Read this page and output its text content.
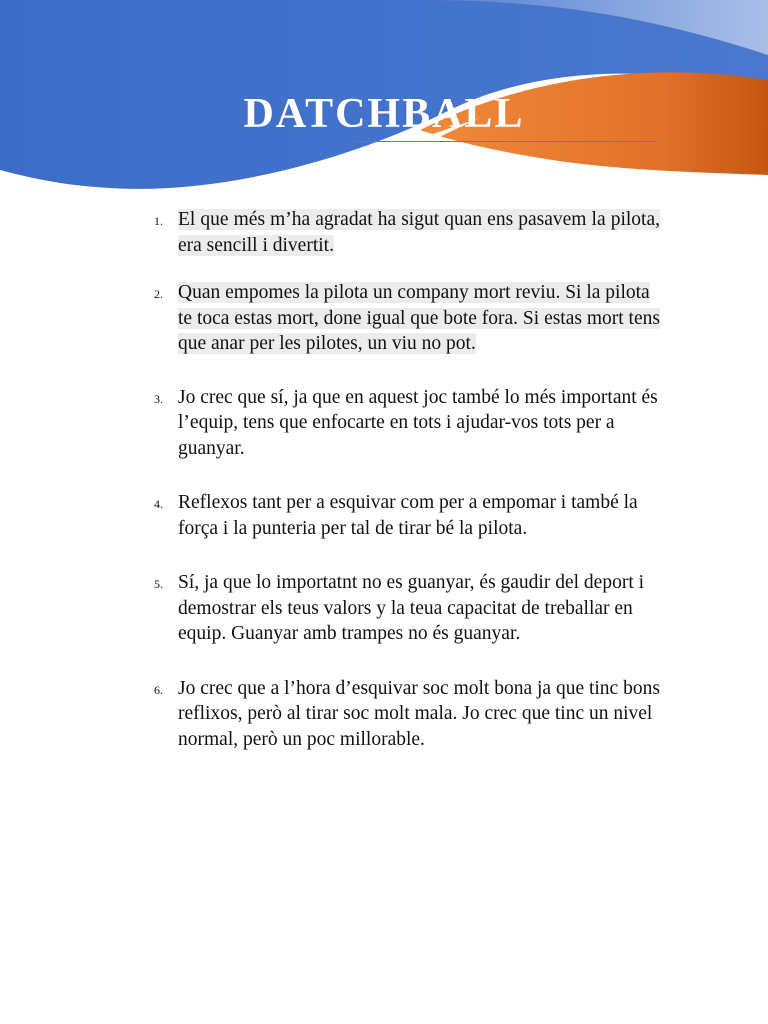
DATCHBALL
1. El que més m’ha agradat ha sigut quan ens pasavem la pilota, era sencill i divertit.
2. Quan empomes la pilota un company mort reviu. Si la pilota te toca estas mort, done igual que bote fora. Si estas mort tens que anar per les pilotes, un viu no pot.
3. Jo crec que sí, ja que en aquest joc també lo més important és l’equip, tens que enfocarte en tots i ajudar-vos tots per a guanyar.
4. Reflexos tant per a esquivar com per a empomar i també la força i la punteria per tal de tirar bé la pilota.
5. Sí, ja que lo importatnt no es guanyar, és gaudir del deport i demostrar els teus valors y la teua capacitat de treballar en equip. Guanyar amb trampes no és guanyar.
6. Jo crec que a l’hora d’esquivar soc molt bona ja que tinc bons reflixos, però al tirar soc molt mala. Jo crec que tinc un nivel normal, però un poc millorable.
